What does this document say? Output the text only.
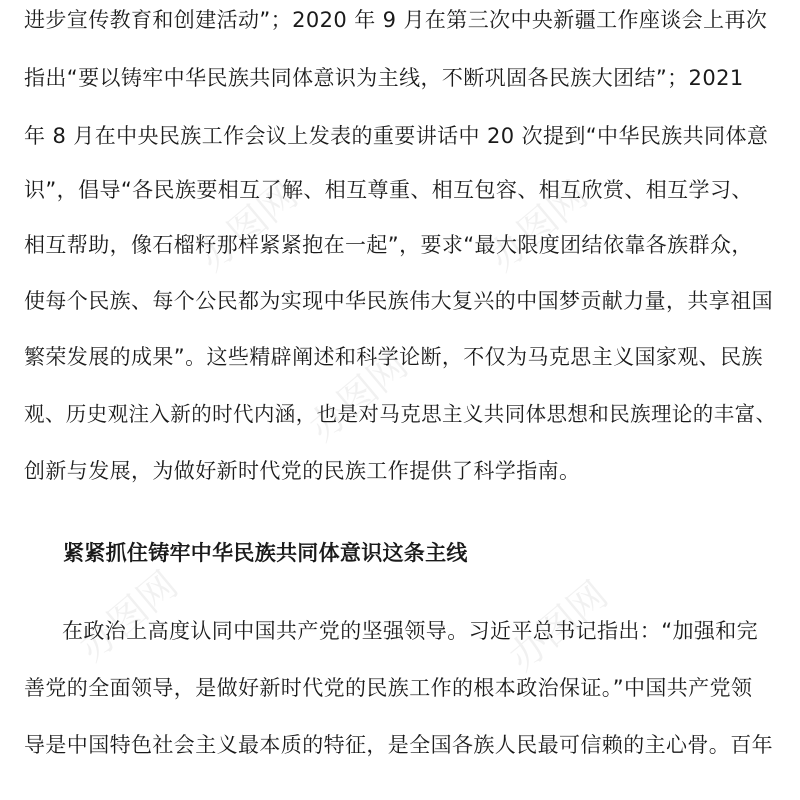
办图网	办图网
办图网
办图网	办图网
进步宣传教育和创建活动”；2020 年 9 月在第三次中央新疆工作座谈会上再次
指出“要以铸牢中华民族共同体意识为主线，不断巩固各民族大团结”；2021
年 8 月在中央民族工作会议上发表的重要讲话中 20 次提到“中华民族共同体意
识”，倡导“各民族要相互了解、相互尊重、相互包容、相互欣赏、相互学习、
相互帮助，像石榴籽那样紧紧抱在一起”，要求“最大限度团结依靠各族群众，
使每个民族、每个公民都为实现中华民族伟大复兴的中国梦贡献力量，共享祖国
繁荣发展的成果”。这些精辟阐述和科学论断，不仅为马克思主义国家观、民族
观、历史观注入新的时代内涵，也是对马克思主义共同体思想和民族理论的丰富、
创新与发展，为做好新时代党的民族工作提供了科学指南。
紧紧抓住铸牢中华民族共同体意识这条主线
在政治上高度认同中国共产党的坚强领导。习近平总书记指出：“加强和完
善党的全面领导，是做好新时代党的民族工作的根本政治保证。”中国共产党领
导是中国特色社会主义最本质的特征，是全国各族人民最可信赖的主心骨。百年
